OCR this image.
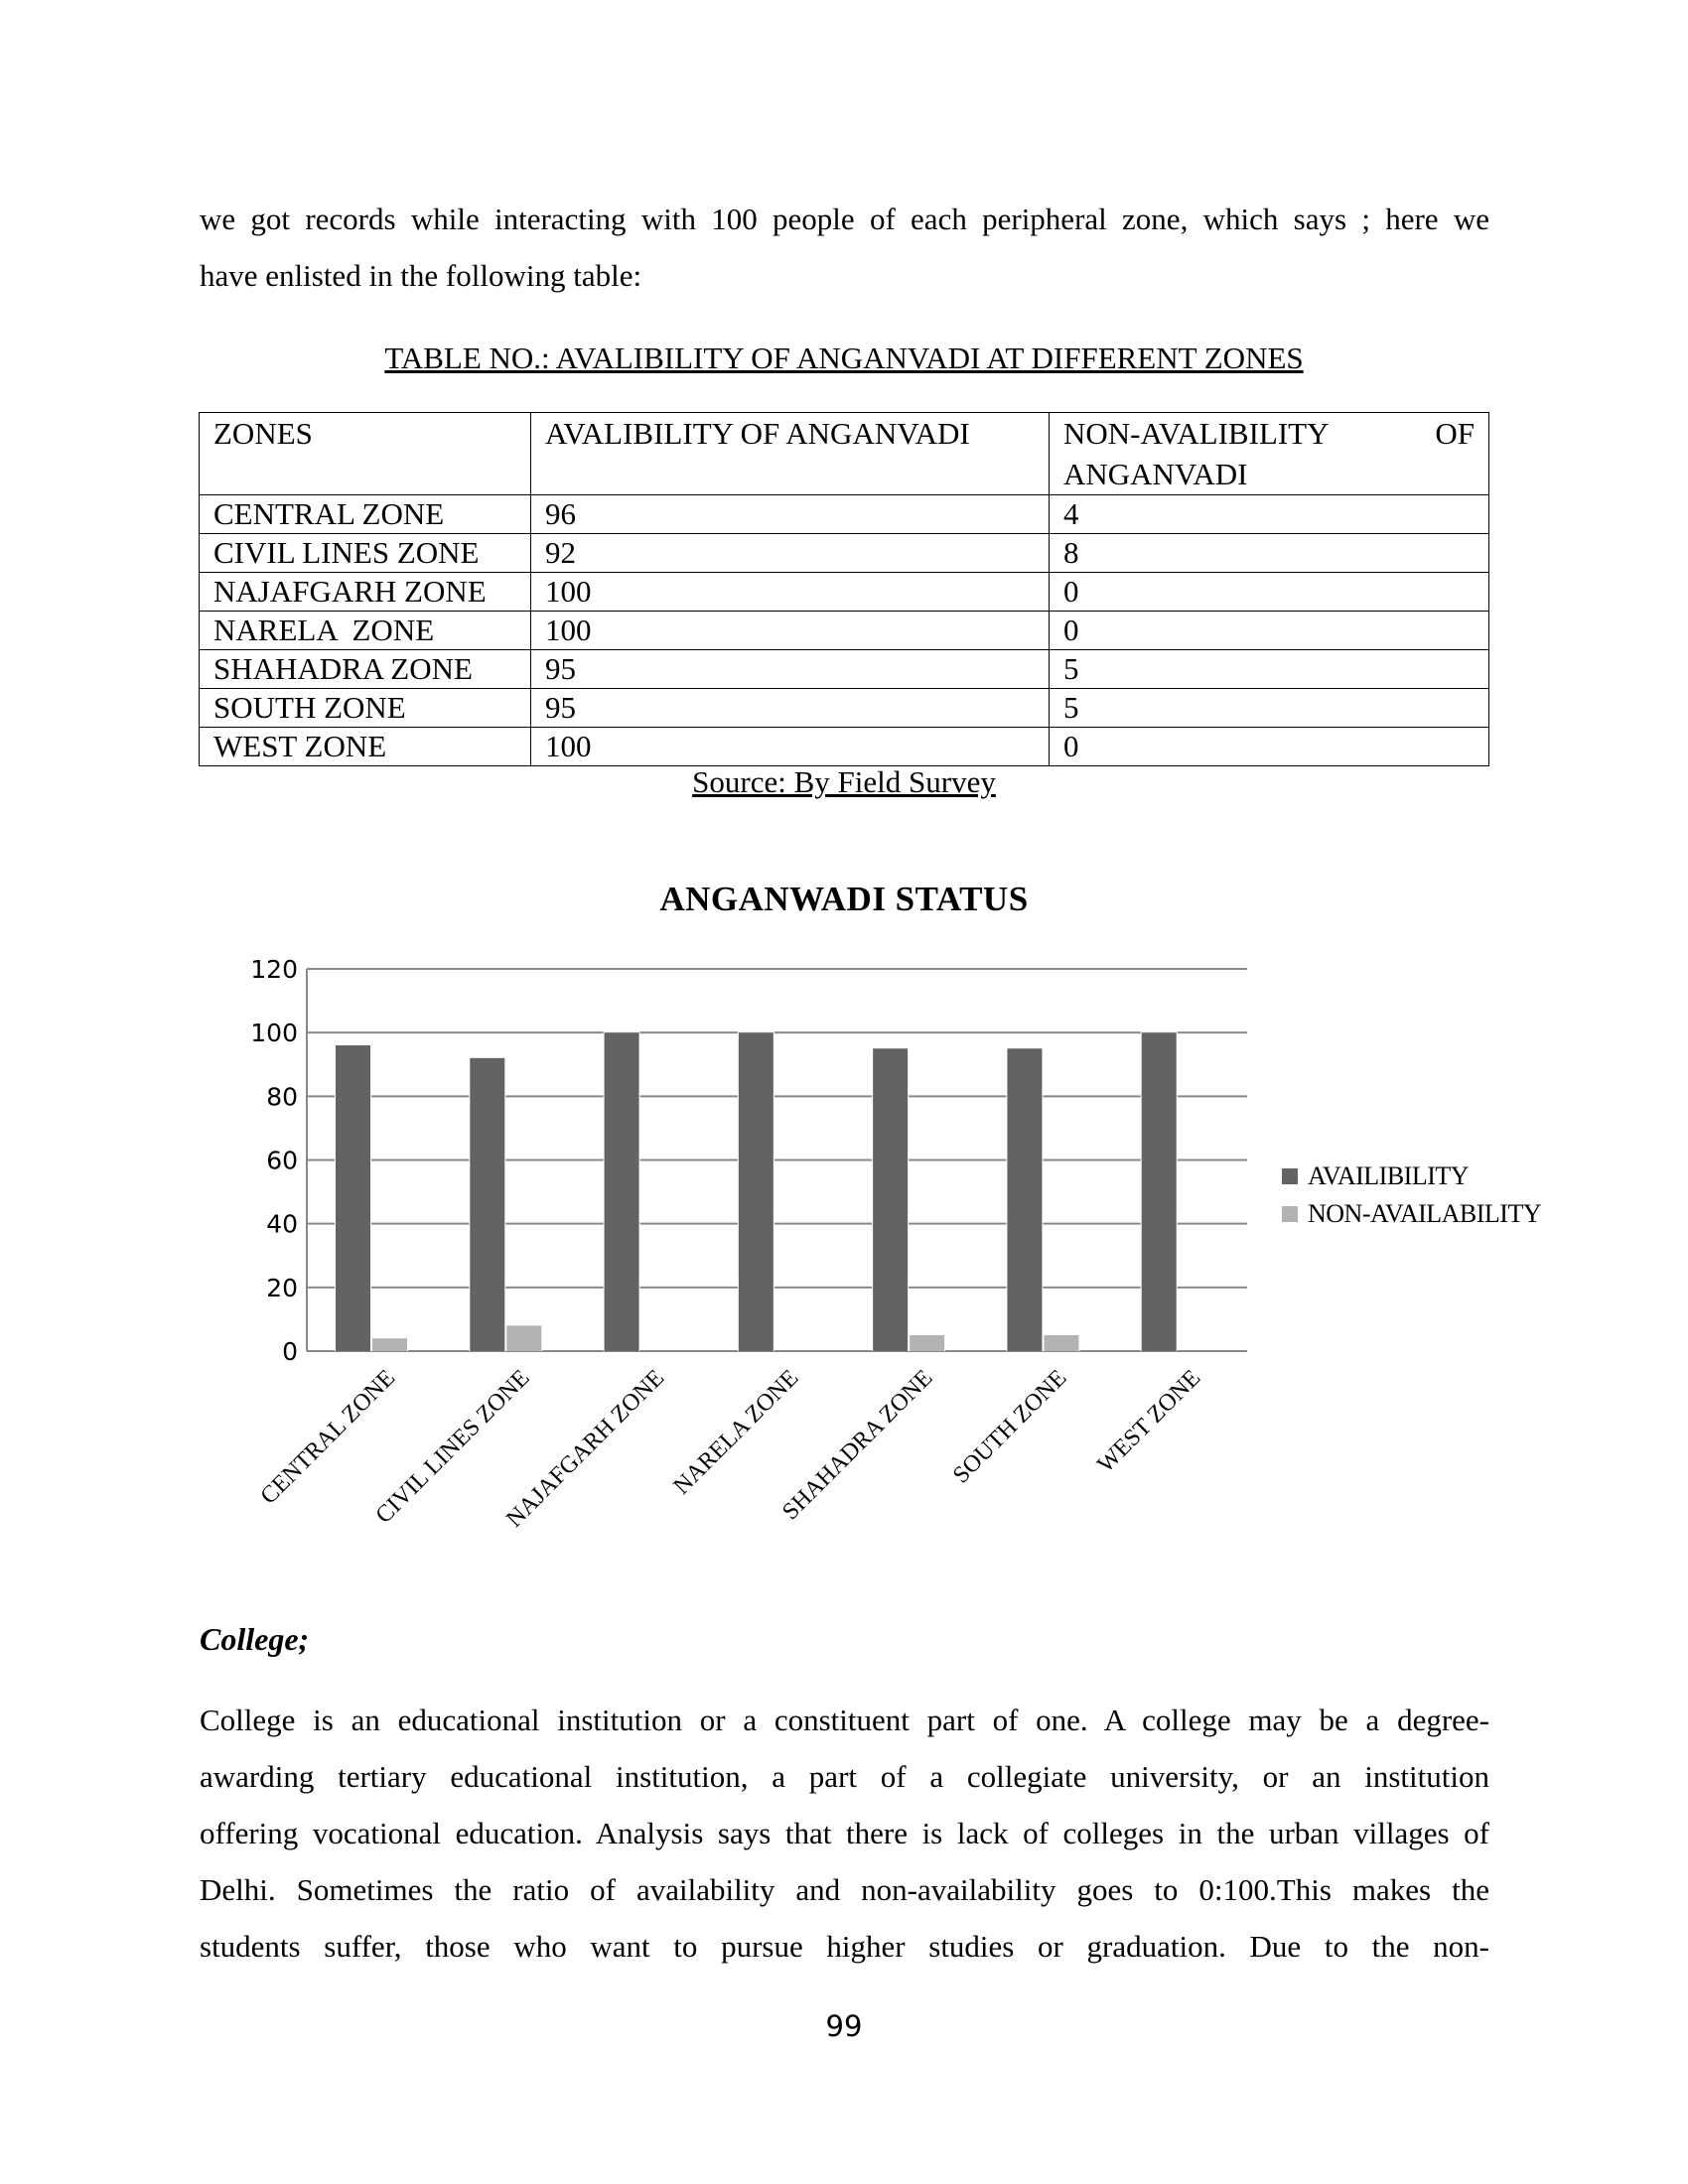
we got records while interacting with 100 people of each peripheral zone, which says ; here we
have enlisted in the following table:
TABLE NO.: AVALIBILITY OF ANGANVADI AT DIFFERENT ZONES
ZONES	AVALIBILITY OF ANGANVADI	NON-AVALIBILITY OF
ANGANVADI

CENTRAL ZONE	96	4
CIVIL LINES ZONE	92	8
NAJAFGARH ZONE	100	0
NARELA  ZONE	100	0
SHAHADRA ZONE	95	5
SOUTH ZONE	95	5
WEST ZONE	100	0
Source: By Field Survey
ANGANWADI STATUS
0
20
40
60
80
100
120
CENTRAL ZONE
CIVIL LINES ZONE
NAJAFGARH ZONE NARELA ZONE
SHAHADRA ZONE SOUTH ZONE WEST ZONE
AVAILIBILITY
NON-AVAILABILITY
College;
College is an educational institution or a constituent part of one. A college may be a degree-
awarding tertiary educational institution, a part of a collegiate university, or an institution
offering vocational education. Analysis says that there is lack of colleges in the urban villages of
Delhi. Sometimes the ratio of availability and non-availability goes to 0:100.This makes the
students suffer, those who want to pursue higher studies or graduation. Due to the non-
99
